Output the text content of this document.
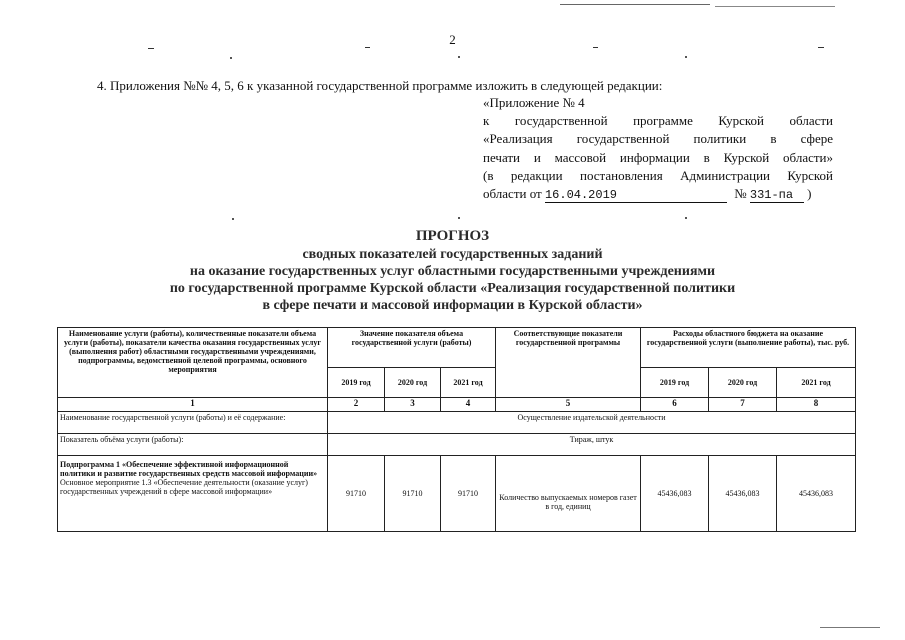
2
4. Приложения №№ 4, 5, 6 к указанной государственной программе изложить в следующей редакции:
«Приложение № 4
к государственной программе Курской области
«Реализация государственной политики в сфере
печати и массовой информации в Курской области»
(в редакции постановления Администрации Курской
области от 16.04.2019	№ 331-па )
ПРОГНОЗ
сводных показателей государственных заданий
на оказание государственных услуг областными государственными учреждениями
по государственной программе Курской области «Реализация государственной политики
в сфере печати и массовой информации в Курской области»
Наименование услуги (работы), количественные показатели объема услуги (работы), показатели качества оказания государственных услуг (выполнения работ) областными государственными учреждениями, подпрограммы, ведомственной целевой программы, основного мероприятия	Значение показателя объема государственной услуги (работы)			Соответствующие показатели государственной программы	Расходы областного бюджета на оказание государственной услуги (выполнение работы), тыс. руб.		
	2019 год	2020 год	2021 год		2019 год	2020 год	2021 год
1	2	3	4	5	6	7	8
Наименование государственной услуги (работы) и её содержание:	Осуществление издательской деятельности						
Показатель объёма услуги (работы):	Тираж, штук						

Подпрограмма 1 «Обеспечение эффективной информационной политики и развитие государственных средств массовой информации»
Основное мероприятие 1.3 «Обеспечение деятельности (оказание услуг) государственных учреждений в сфере массовой информации»	91710	91710	91710	Количество выпускаемых номеров газет в год, единиц	45436,083	45436,083	45436,083
